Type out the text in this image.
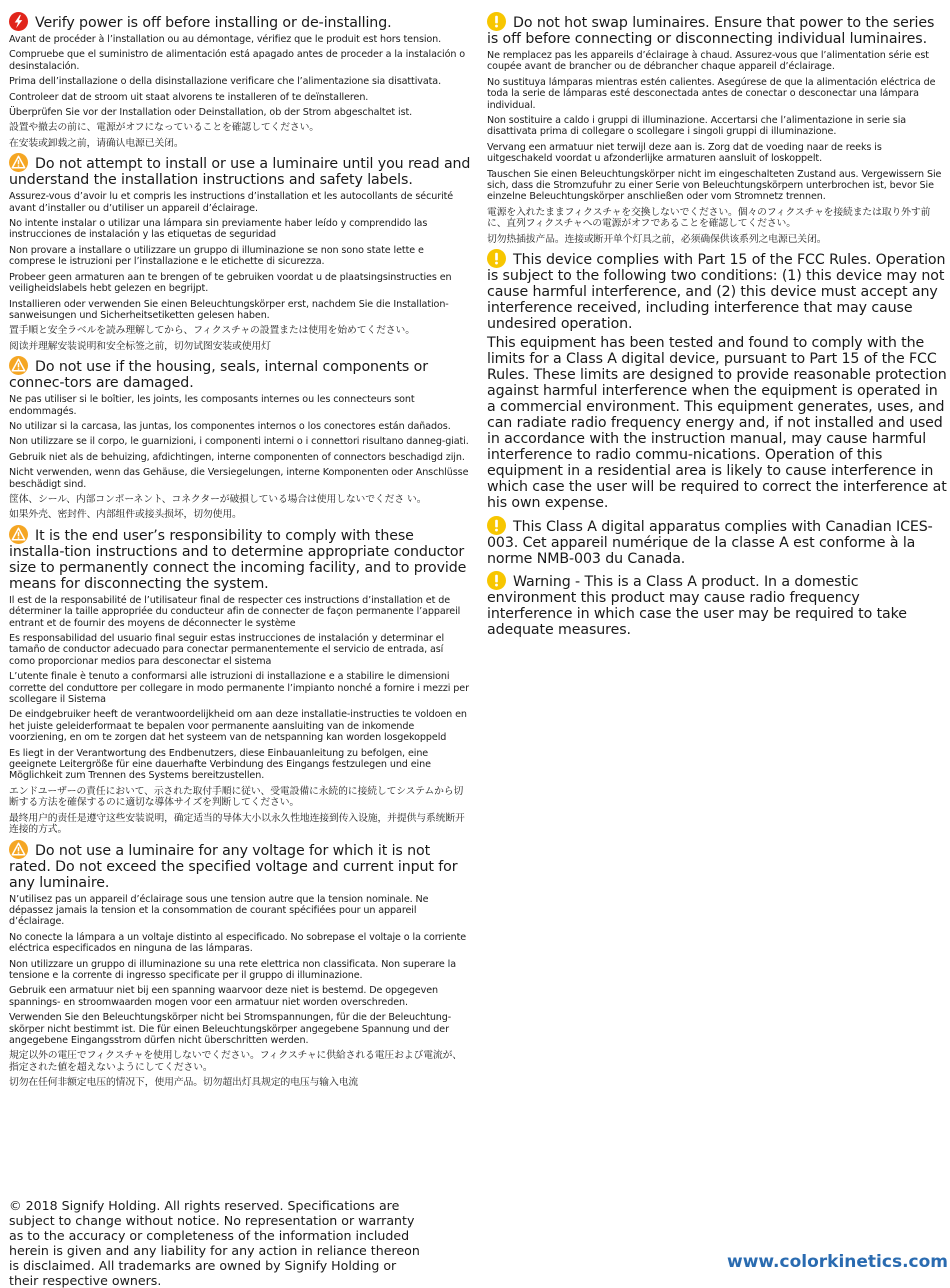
Verify power is off before installing or de-installing.

Avant de procéder à l’installation ou au démontage, vérifiez que le produit est hors tension.

Compruebe que el suministro de alimentación está apagado antes de proceder a la instalación o desinstalación.

Prima dell’installazione o della disinstallazione verificare che l’alimentazione sia disattivata.

Controleer dat de stroom uit staat alvorens te installeren of te deïnstalleren.

Überprüfen Sie vor der Installation oder Deinstallation, ob der Strom abgeschaltet ist.

設置や撤去の前に、電源がオフになっていることを確認してください。

在安装或卸载之前，请确认电源已关闭。

Do not attempt to install or use a luminaire until you read and understand the installation instructions and safety labels.

Assurez-vous d’avoir lu et compris les instructions d’installation et les autocollants de sécurité avant d’installer ou d’utiliser un appareil d’éclairage.

No intente instalar o utilizar una lámpara sin previamente haber leído y comprendido las instrucciones de instalación y las etiquetas de seguridad

Non provare a installare o utilizzare un gruppo di illuminazione se non sono state lette e comprese le istruzioni per l’installazione e le etichette di sicurezza.

Probeer geen armaturen aan te brengen of te gebruiken voordat u de plaatsingsinstructies en veiligheidslabels hebt gelezen en begrijpt.

Installieren oder verwenden Sie einen Beleuchtungskörper erst, nachdem Sie die Installation-sanweisungen und Sicherheitsetiketten gelesen haben.

置手順と安全ラベルを読み理解してから、フィクスチャの設置または使用を始めてください。

阅读并理解安装说明和安全标签之前，切勿试图安装或使用灯

Do not use if the housing, seals, internal components or connec-tors are damaged.

Ne pas utiliser si le boîtier, les joints, les composants internes ou les connecteurs sont endommagés.

No utilizar si la carcasa, las juntas, los componentes internos o los conectores están dañados.

Non utilizzare se il corpo, le guarnizioni, i componenti interni o i connettori risultano danneg-giati.

Gebruik niet als de behuizing, afdichtingen, interne componenten of connectors beschadigd zijn.

Nicht verwenden, wenn das Gehäuse, die Versiegelungen, interne Komponenten oder Anschlüsse beschädigt sind.

筐体、シール、内部コンポーネント、コネクターが破損している場合は使用しないでくださ い。

如果外壳、密封件、内部组件或接头损坏，切勿使用。

It is the end user’s responsibility to comply with these installa-tion instructions and to determine appropriate conductor size to permanently connect the incoming facility, and to provide means for disconnecting the system.

Il est de la responsabilité de l’utilisateur final de respecter ces instructions d’installation et de déterminer la taille appropriée du conducteur afin de connecter de façon permanente l’appareil entrant et de fournir des moyens de déconnecter le système

Es responsabilidad del usuario final seguir estas instrucciones de instalación y determinar el tamaño de conductor adecuado para conectar permanentemente el servicio de entrada, así como proporcionar medios para desconectar el sistema

L’utente finale è tenuto a conformarsi alle istruzioni di installazione e a stabilire le dimensioni corrette del conduttore per collegare in modo permanente l’impianto nonché a fornire i mezzi per scollegare il Sistema

De eindgebruiker heeft de verantwoordelijkheid om aan deze installatie-instructies te voldoen en het juiste geleiderformaat te bepalen voor permanente aansluiting van de inkomende voorziening, en om te zorgen dat het systeem van de netspanning kan worden losgekoppeld

Es liegt in der Verantwortung des Endbenutzers, diese Einbauanleitung zu befolgen, eine geeignete Leitergröße für eine dauerhafte Verbindung des Eingangs festzulegen und eine Möglichkeit zum Trennen des Systems bereitzustellen.

エンドユーザーの責任において、示された取付手順に従い、受電設備に永続的に接続してシステムから切断する方法を確保するのに適切な導体サイズを判断してください。

最终用户的责任是遵守这些安装说明，确定适当的导体大小以永久性地连接到传入设施，并提供与系统断开连接的方式。

Do not use a luminaire for any voltage for which it is not rated. Do not exceed the specified voltage and current input for any luminaire.

N’utilisez pas un appareil d’éclairage sous une tension autre que la tension nominale. Ne dépassez jamais la tension et la consommation de courant spécifiées pour un appareil d’éclairage.

No conecte la lámpara a un voltaje distinto al especificado. No sobrepase el voltaje o la corriente eléctrica especificados en ninguna de las lámparas.

Non utilizzare un gruppo di illuminazione su una rete elettrica non classificata. Non superare la tensione e la corrente di ingresso specificate per il gruppo di illuminazione.

Gebruik een armatuur niet bij een spanning waarvoor deze niet is bestemd. De opgegeven spannings- en stroomwaarden mogen voor een armatuur niet worden overschreden.

Verwenden Sie den Beleuchtungskörper nicht bei Stromspannungen, für die der Beleuchtung-skörper nicht bestimmt ist. Die für einen Beleuchtungskörper angegebene Spannung und der angegebene Eingangsstrom dürfen nicht überschritten werden.

規定以外の電圧でフィクスチャを使用しないでください。フィクスチャに供給される電圧および電流が、指定された値を超えないようにしてください。

切勿在任何非额定电压的情况下，使用产品。切勿超出灯具规定的电压与输入电流

Do not hot swap luminaires. Ensure that power to the series is off before connecting or disconnecting individual luminaires.

Ne remplacez pas les appareils d’éclairage à chaud. Assurez-vous que l’alimentation série est coupée avant de brancher ou de débrancher chaque appareil d’éclairage.

No sustituya lámparas mientras estén calientes. Asegúrese de que la alimentación eléctrica de toda la serie de lámparas esté desconectada antes de conectar o desconectar una lámpara individual.

Non sostituire a caldo i gruppi di illuminazione. Accertarsi che l’alimentazione in serie sia disattivata prima di collegare o scollegare i singoli gruppi di illuminazione.

Vervang een armatuur niet terwijl deze aan is. Zorg dat de voeding naar de reeks is uitgeschakeld voordat u afzonderlijke armaturen aansluit of loskoppelt.

Tauschen Sie einen Beleuchtungskörper nicht im eingeschalteten Zustand aus. Vergewissern Sie sich, dass die Stromzufuhr zu einer Serie von Beleuchtungskörpern unterbrochen ist, bevor Sie einzelne Beleuchtungskörper anschließen oder vom Stromnetz trennen.

電源を入れたままフィクスチャを交換しないでください。個々のフィクスチャを接続または取り外す前に、直列フィクスチャへの電源がオフであることを確認してください。

切勿热插拔产品。连接或断开单个灯具之前，必须确保供该系列之电源已关闭。

This device complies with Part 15 of the FCC Rules. Operation is subject to the following two conditions: (1) this device may not cause harmful interference, and (2) this device must accept any interference received, including interference that may cause undesired operation.

This equipment has been tested and found to comply with the limits for a Class A digital device, pursuant to Part 15 of the FCC Rules. These limits are designed to provide reasonable protection against harmful interference when the equipment is operated in a commercial environment. This equipment generates, uses, and can radiate radio frequency energy and, if not installed and used in accordance with the instruction manual, may cause harmful interference to radio commu-nications. Operation of this equipment in a residential area is likely to cause interference in which case the user will be required to correct the interference at his own expense.

This Class A digital apparatus complies with Canadian ICES-003. Cet appareil numérique de la classe A est conforme à la norme NMB-003 du Canada.

Warning - This is a Class A product. In a domestic environment this product may cause radio frequency interference in which case the user may be required to take adequate measures.

© 2018 Signify Holding. All rights reserved. Specifications are subject to change without notice. No representation or warranty as to the accuracy or completeness of the information included herein is given and any liability for any action in reliance thereon is disclaimed. All trademarks are owned by Signify Holding or their respective owners.
www.colorkinetics.com
